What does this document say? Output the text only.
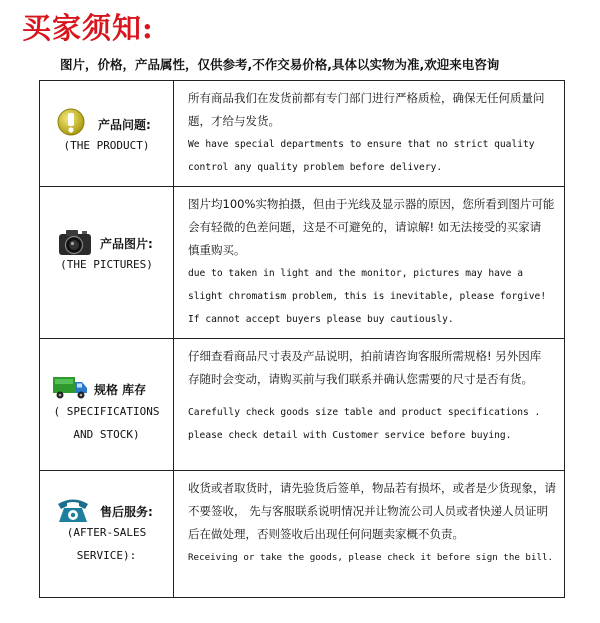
买家须知:
图片，价格，产品属性，仅供参考,不作交易价格,具体以实物为准,欢迎来电咨询
产品问题:
(THE PRODUCT)
所有商品我们在发货前都有专门部门进行严格质检，确保无任何质量问
题，才给与发货。
We have special departments to ensure that no strict quality
control any quality problem before delivery.
产品图片:
(THE PICTURES)
图片均100%实物拍摄，但由于光线及显示器的原因，您所看到图片可能
会有轻微的色差问题，这是不可避免的，请谅解! 如无法接受的买家请
慎重购买。
due to taken in light and the monitor, pictures may have a
slight chromatism problem, this is inevitable, please forgive!
If cannot accept buyers please buy cautiously.
规格 库存
( SPECIFICATIONS
AND STOCK)
仔细查看商品尺寸表及产品说明，拍前请咨询客服所需规格! 另外因库
存随时会变动，请购买前与我们联系并确认您需要的尺寸是否有货。
Carefully check goods size table and product specifications .
please check detail with Customer service before buying.
售后服务:
(AFTER-SALES
SERVICE):
收货或者取货时，请先验货后签单，物品若有损坏，或者是少货现象，请
不要签收， 先与客服联系说明情况并让物流公司人员或者快递人员证明
后在做处理，否则签收后出现任何问题卖家概不负责。
Receiving or take the goods, please check it before sign the bill.
